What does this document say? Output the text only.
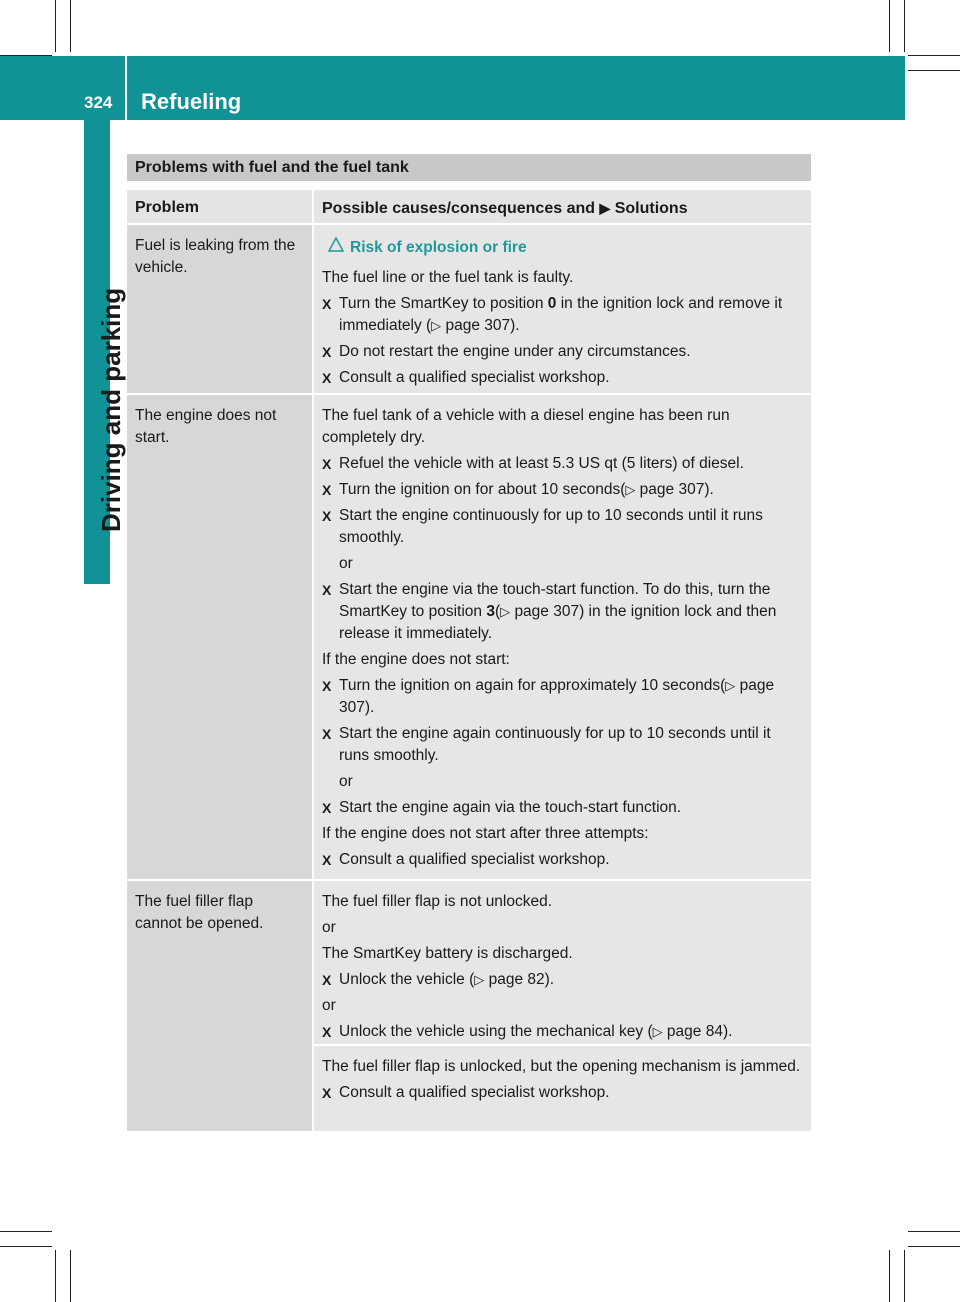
324 Refueling
Driving and parking
Problems with fuel and the fuel tank
Problem	Possible causes/consequences and ▶ Solutions
Fuel is leaking from the vehicle.
Risk of explosion or fire
The fuel line or the fuel tank is faulty.
X Turn the SmartKey to position 0 in the ignition lock and remove it immediately (▷ page 307).
X Do not restart the engine under any circumstances.
X Consult a qualified specialist workshop.
The engine does not start.
The fuel tank of a vehicle with a diesel engine has been run completely dry.
X Refuel the vehicle with at least 5.3 US qt (5 liters) of diesel.
X Turn the ignition on for about 10 seconds(▷ page 307).
X Start the engine continuously for up to 10 seconds until it runs smoothly.
or
X Start the engine via the touch-start function. To do this, turn the SmartKey to position 3(▷ page 307) in the ignition lock and then release it immediately.
If the engine does not start:
X Turn the ignition on again for approximately 10 seconds(▷ page 307).
X Start the engine again continuously for up to 10 seconds until it runs smoothly.
or
X Start the engine again via the touch-start function.
If the engine does not start after three attempts:
X Consult a qualified specialist workshop.
The fuel filler flap cannot be opened.
The fuel filler flap is not unlocked.
or
The SmartKey battery is discharged.
X Unlock the vehicle (▷ page 82).
or
X Unlock the vehicle using the mechanical key (▷ page 84).
The fuel filler flap is unlocked, but the opening mechanism is jammed.
X Consult a qualified specialist workshop.
